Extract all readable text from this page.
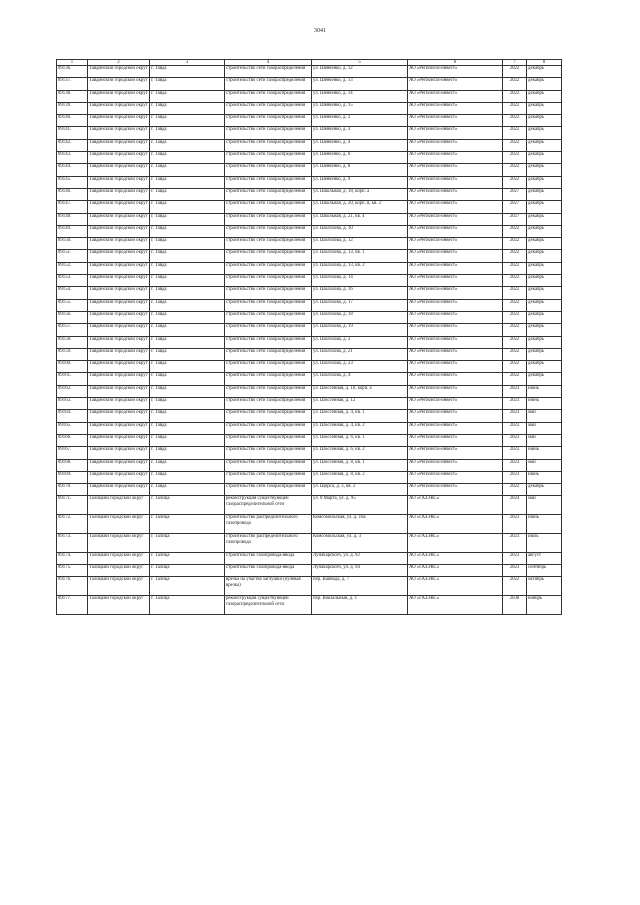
3041
1	2	3	4	5	6	7	8
89136.	Тавдинский городской округ	г. Тавда	строительство сети газораспределения	ул. Шевченко, д. 12	АО «Регионгаз-инвест»	2022	декабрь
89137.	Тавдинский городской округ	г. Тавда	строительство сети газораспределения	ул. Шевченко, д. 13	АО «Регионгаз-инвест»	2022	декабрь
89138.	Тавдинский городской округ	г. Тавда	строительство сети газораспределения	ул. Шевченко, д. 14	АО «Регионгаз-инвест»	2022	декабрь
89139.	Тавдинский городской округ	г. Тавда	строительство сети газораспределения	ул. Шевченко, д. 15	АО «Регионгаз-инвест»	2022	декабрь
89140.	Тавдинский городской округ	г. Тавда	строительство сети газораспределения	ул. Шевченко, д. 2	АО «Регионгаз-инвест»	2022	декабрь
89141.	Тавдинский городской округ	г. Тавда	строительство сети газораспределения	ул. Шевченко, д. 3	АО «Регионгаз-инвест»	2022	декабрь
89142.	Тавдинский городской округ	г. Тавда	строительство сети газораспределения	ул. Шевченко, д. 4	АО «Регионгаз-инвест»	2022	декабрь
89143.	Тавдинский городской округ	г. Тавда	строительство сети газораспределения	ул. Шевченко, д. 6	АО «Регионгаз-инвест»	2022	декабрь
89144.	Тавдинский городской округ	г. Тавда	строительство сети газораспределения	ул. Шевченко, д. 8	АО «Регионгаз-инвест»	2022	декабрь
89145.	Тавдинский городской округ	г. Тавда	строительство сети газораспределения	ул. Шевченко, д. 9	АО «Регионгаз-инвест»	2022	декабрь
89146.	Тавдинский городской округ	г. Тавда	строительство сети газораспределения	ул. Школьная, д. 18, корп. а	АО «Регионгаз-инвест»	2027	декабрь
89147.	Тавдинский городской округ	г. Тавда	строительство сети газораспределения	ул. Школьная, д. 20, корп. в, кв. 2	АО «Регионгаз-инвест»	2027	декабрь
89148.	Тавдинский городской округ	г. Тавда	строительство сети газораспределения	ул. Школьная, д. 21, кв. 4	АО «Регионгаз-инвест»	2027	декабрь
89149.	Тавдинский городской округ	г. Тавда	строительство сети газораспределения	ул. Шолохова, д. 10	АО «Регионгаз-инвест»	2022	декабрь
89150.	Тавдинский городской округ	г. Тавда	строительство сети газораспределения	ул. Шолохова, д. 12	АО «Регионгаз-инвест»	2022	декабрь
89151.	Тавдинский городской округ	г. Тавда	строительство сети газораспределения	ул. Шолохова, д. 13, кв. 1	АО «Регионгаз-инвест»	2022	декабрь
89152.	Тавдинский городской округ	г. Тавда	строительство сети газораспределения	ул. Шолохова, д. 13, кв. 2	АО «Регионгаз-инвест»	2022	декабрь
89153.	Тавдинский городской округ	г. Тавда	строительство сети газораспределения	ул. Шолохова, д. 14	АО «Регионгаз-инвест»	2022	декабрь
89154.	Тавдинский городской округ	г. Тавда	строительство сети газораспределения	ул. Шолохова, д. 16	АО «Регионгаз-инвест»	2022	декабрь
89155.	Тавдинский городской округ	г. Тавда	строительство сети газораспределения	ул. Шолохова, д. 17	АО «Регионгаз-инвест»	2022	декабрь
89156.	Тавдинский городской округ	г. Тавда	строительство сети газораспределения	ул. Шолохова, д. 18	АО «Регионгаз-инвест»	2022	декабрь
89157.	Тавдинский городской округ	г. Тавда	строительство сети газораспределения	ул. Шолохова, д. 19	АО «Регионгаз-инвест»	2022	декабрь
89158.	Тавдинский городской округ	г. Тавда	строительство сети газораспределения	ул. Шолохова, д. 2	АО «Регионгаз-инвест»	2022	декабрь
89159.	Тавдинский городской округ	г. Тавда	строительство сети газораспределения	ул. Шолохова, д. 21	АО «Регионгаз-инвест»	2022	декабрь
89160.	Тавдинский городской округ	г. Тавда	строительство сети газораспределения	ул. Шолохова, д. 23	АО «Регионгаз-инвест»	2022	декабрь
89161.	Тавдинский городской округ	г. Тавда	строительство сети газораспределения	ул. Шолохова, д. 4	АО «Регионгаз-инвест»	2022	декабрь
89162.	Тавдинский городской округ	г. Тавда	строительство сети газораспределения	ул. Шоссейная, д. 10, корп. а	АО «Регионгаз-инвест»	2023	июнь
89163.	Тавдинский городской округ	г. Тавда	строительство сети газораспределения	ул. Шоссейная, д. 12	АО «Регионгаз-инвест»	2023	июнь
89164.	Тавдинский городской округ	г. Тавда	строительство сети газораспределения	ул. Шоссейная, д. 4, кв. 1	АО «Регионгаз-инвест»	2023	май
89165.	Тавдинский городской округ	г. Тавда	строительство сети газораспределения	ул. Шоссейная, д. 4, кв. 2	АО «Регионгаз-инвест»	2023	май
89166.	Тавдинский городской округ	г. Тавда	строительство сети газораспределения	ул. Шоссейная, д. 6, кв. 1	АО «Регионгаз-инвест»	2023	май
89167.	Тавдинский городской округ	г. Тавда	строительство сети газораспределения	ул. Шоссейная, д. 6, кв. 2	АО «Регионгаз-инвест»	2023	июнь
89168.	Тавдинский городской округ	г. Тавда	строительство сети газораспределения	ул. Шоссейная, д. 8, кв. 1	АО «Регионгаз-инвест»	2023	май
89169.	Тавдинский городской округ	г. Тавда	строительство сети газораспределения	ул. Шоссейная, д. 8, кв. 2	АО «Регионгаз-инвест»	2023	июнь
89170.	Тавдинский городской округ	г. Тавда	строительство сети газораспределения	ул. Щорса, д. 3, кв. 2	АО «Регионгаз-инвест»	2022	декабрь
89171.	Талицкий городской округ	г. Талица	реконструкция существующей газораспределительной сети	ул. 8 Марта, ул. д. 95	АО «ГАЗЭКС»	2024	май
89172.	Талицкий городской округ	г. Талица	строительство распределительного газопровода	Комсомольская, ул. д. 16а	АО «ГАЗЭКС»	2023	июнь
89173.	Талицкий городской округ	г. Талица	строительство распределительного газопровода	Комсомольская, ул. д. 3	АО «ГАЗЭКС»	2023	июль
89174.	Талицкий городской округ	г. Талица	строительство газопровода-ввода	Луначарского, ул. д. 92	АО «ГАЗЭКС»	2023	август
89175.	Талицкий городской округ	г. Талица	строительство газопровода-ввода	Луначарского, ул. д. 94	АО «ГАЗЭКС»	2023	сентябрь
89176.	Талицкий городской округ	г. Талица	врезка на участке заглушки (нулевая врезка)	пер. Вайвода, д. 7	АО «ГАЗЭКС»	2022	октябрь
89177.	Талицкий городской округ	г. Талица	реконструкция существующей газораспределительной сети	пер. Вокзальный, д. 1	АО «ГАЗЭКС»	2038	ноябрь
